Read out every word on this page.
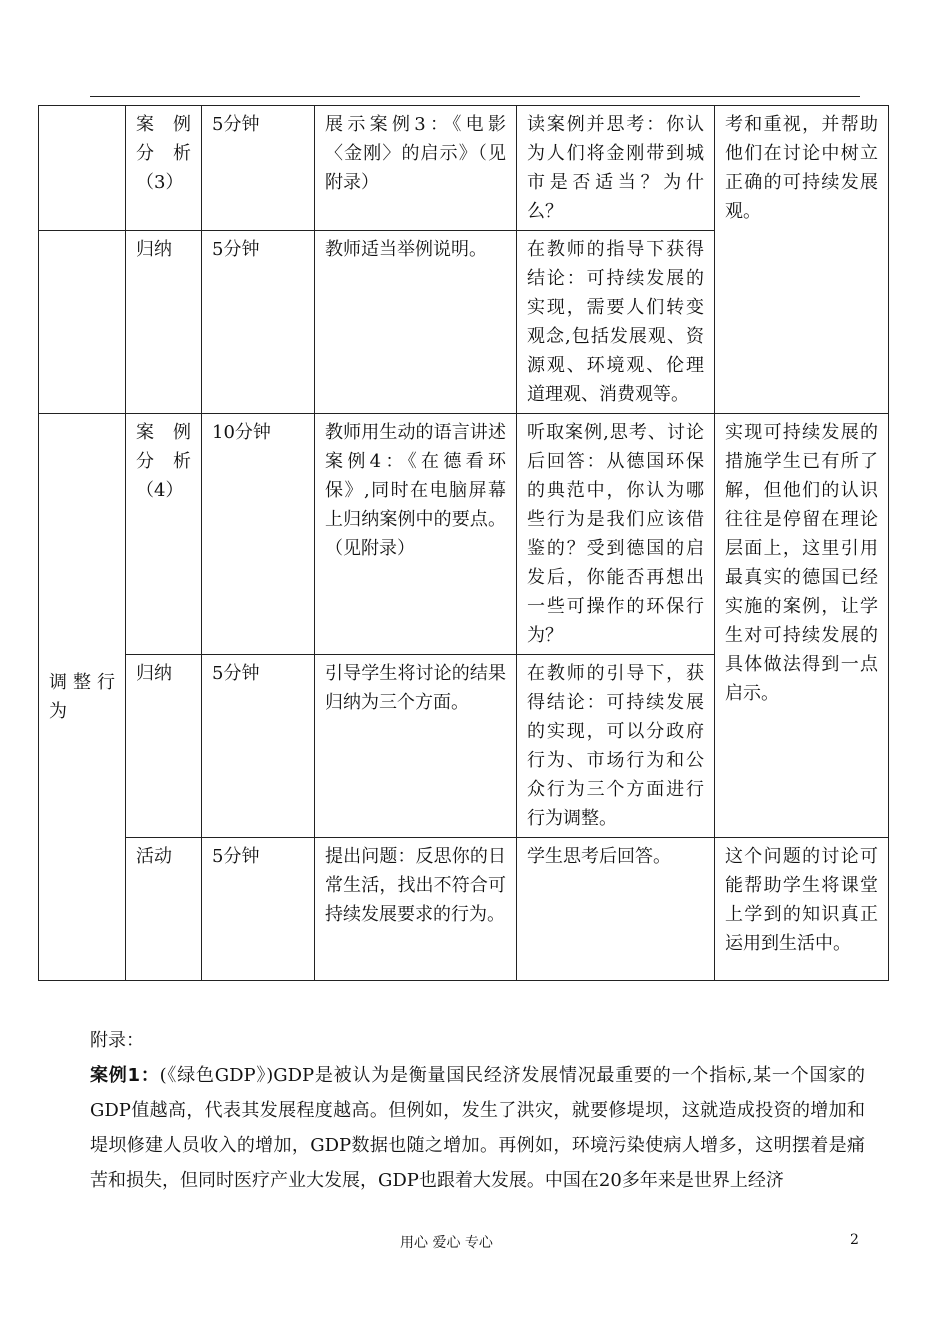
	案　例分　析（3）	5分钟	展示案例3：《电影〈金刚〉的启示》（见附录）	读案例并思考：你认为人们将金刚带到城市是否适当？为什么？	考和重视，并帮助他们在讨论中树立正确的可持续发展观。

	归纳	5分钟	教师适当举例说明。	在教师的指导下获得结论：可持续发展的实现，需要人们转变观念,包括发展观、资源观、环境观、伦理道理观、消费观等。	

调整行为	案　例分　析（4）	10分钟	教师用生动的语言讲述案例4：《在德看环保》,同时在电脑屏幕上归纳案例中的要点。（见附录）	听取案例,思考、讨论后回答：从德国环保的典范中，你认为哪些行为是我们应该借鉴的？受到德国的启发后，你能否再想出一些可操作的环保行为？	实现可持续发展的措施学生已有所了解，但他们的认识往往是停留在理论层面上，这里引用最真实的德国已经实施的案例，让学生对可持续发展的具体做法得到一点启示。

	归纳	5分钟	引导学生将讨论的结果归纳为三个方面。	在教师的引导下，获得结论：可持续发展的实现，可以分政府行为、市场行为和公众行为三个方面进行行为调整。	

	活动	5分钟	提出问题：反思你的日常生活，找出不符合可持续发展要求的行为。	学生思考后回答。	这个问题的讨论可能帮助学生将课堂上学到的知识真正运用到生活中。
附录：
案例1：(《绿色GDP》)GDP是被认为是衡量国民经济发展情况最重要的一个指标,某一个国家的GDP值越高，代表其发展程度越高。但例如，发生了洪灾，就要修堤坝，这就造成投资的增加和堤坝修建人员收入的增加，GDP数据也随之增加。再例如，环境污染使病人增多，这明摆着是痛苦和损失，但同时医疗产业大发展，GDP也跟着大发展。中国在20多年来是世界上经济
用心 爱心 专心	2
